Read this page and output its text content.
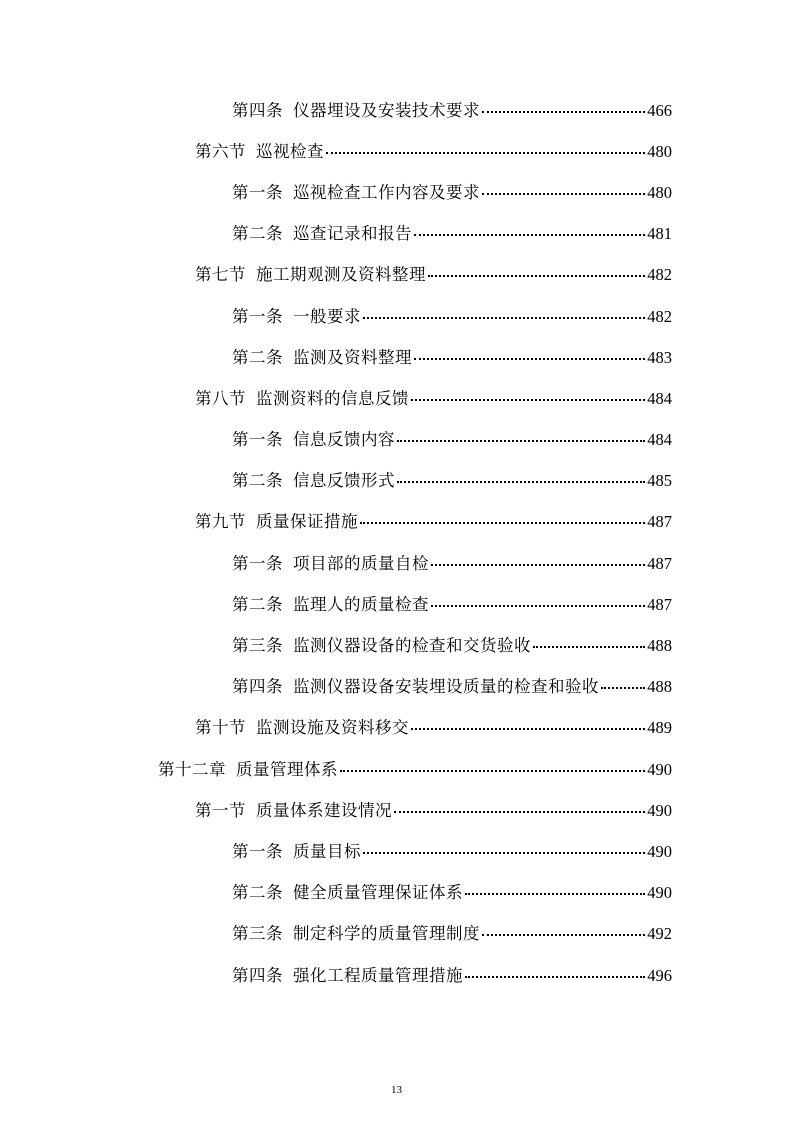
第四条 仪器埋设及安装技术要求	466
第六节 巡视检查	480
第一条 巡视检查工作内容及要求	480
第二条 巡查记录和报告	481
第七节 施工期观测及资料整理	482
第一条 一般要求	482
第二条 监测及资料整理	483
第八节 监测资料的信息反馈	484
第一条 信息反馈内容	484
第二条 信息反馈形式	485
第九节 质量保证措施	487
第一条 项目部的质量自检	487
第二条 监理人的质量检查	487
第三条 监测仪器设备的检查和交货验收	488
第四条 监测仪器设备安装埋设质量的检查和验收	488
第十节 监测设施及资料移交	489
第十二章 质量管理体系	490
第一节 质量体系建设情况	490
第一条 质量目标	490
第二条 健全质量管理保证体系	490
第三条 制定科学的质量管理制度	492
第四条 强化工程质量管理措施	496
13
